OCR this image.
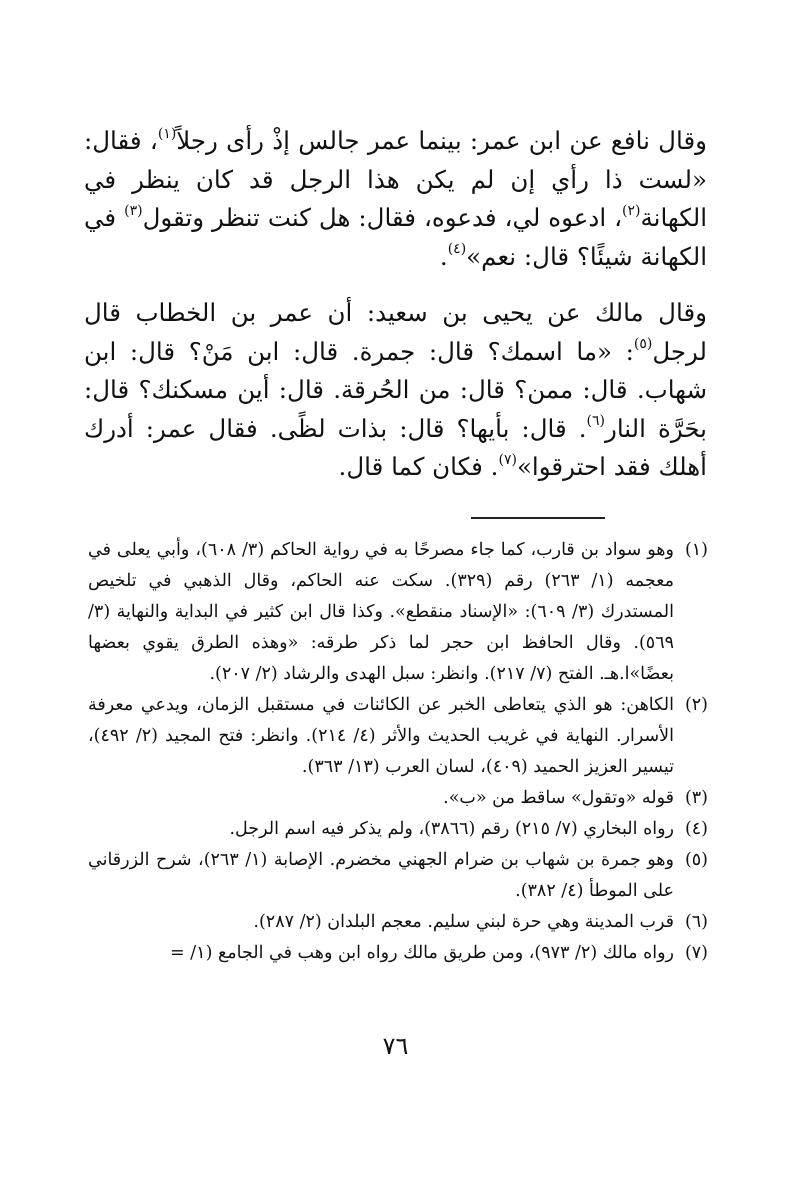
وقال نافع عن ابن عمر: بينما عمر جالس إذْ رأى رجلاً$^{(١)}$، فقال: «لست ذا رأي إن لم يكن هذا الرجل قد كان ينظر في الكهانة$^{(٢)}$، ادعوه لي، فدعوه، فقال: هل كنت تنظر وتقول$^{(٣)}$ في الكهانة شيئًا؟ قال: نعم»$^{(٤)}$.

وقال مالك عن يحيى بن سعيد: أن عمر بن الخطاب قال لرجل$^{(٥)}$: «ما اسمك؟ قال: جمرة. قال: ابن مَنْ؟ قال: ابن شهاب. قال: ممن؟ قال: من الحُرقة. قال: أين مسكنك؟ قال: بحَرَّة النار$^{(٦)}$. قال: بأيها؟ قال: بذات لظًى. فقال عمر: أدرك أهلك فقد احترقوا»$^{(٧)}$. فكان كما قال.

(١)
وهو سواد بن قارب، كما جاء مصرحًا به في رواية الحاكم (٣/ ٦٠٨)، وأبي يعلى في معجمه (١/ ٢٦٣) رقم (٣٢٩). سكت عنه الحاكم، وقال الذهبي في تلخيص المستدرك (٣/ ٦٠٩): «الإسناد منقطع». وكذا قال ابن كثير في البداية والنهاية (٣/ ٥٦٩). وقال الحافظ ابن حجر لما ذكر طرقه: «وهذه الطرق يقوي بعضها بعضًا»ا.هـ. الفتح (٧/ ٢١٧). وانظر: سبل الهدى والرشاد (٢/ ٢٠٧).
(٢)
الكاهن: هو الذي يتعاطى الخبر عن الكائنات في مستقبل الزمان، ويدعي معرفة الأسرار. النهاية في غريب الحديث والأثر (٤/ ٢١٤). وانظر: فتح المجيد (٢/ ٤٩٢)، تيسير العزيز الحميد (٤٠٩)، لسان العرب (١٣/ ٣٦٣).
(٣)
قوله «وتقول» ساقط من «ب».
(٤)
رواه البخاري (٧/ ٢١٥) رقم (٣٨٦٦)، ولم يذكر فيه اسم الرجل.
(٥)
وهو جمرة بن شهاب بن ضرام الجهني مخضرم. الإصابة (١/ ٢٦٣)، شرح الزرقاني على الموطأ (٤/ ٣٨٢).
(٦)
قرب المدينة وهي حرة لبني سليم. معجم البلدان (٢/ ٢٨٧).
(٧)
رواه مالك (٢/ ٩٧٣)، ومن طريق مالك رواه ابن وهب في الجامع (١/ =
٧٦
